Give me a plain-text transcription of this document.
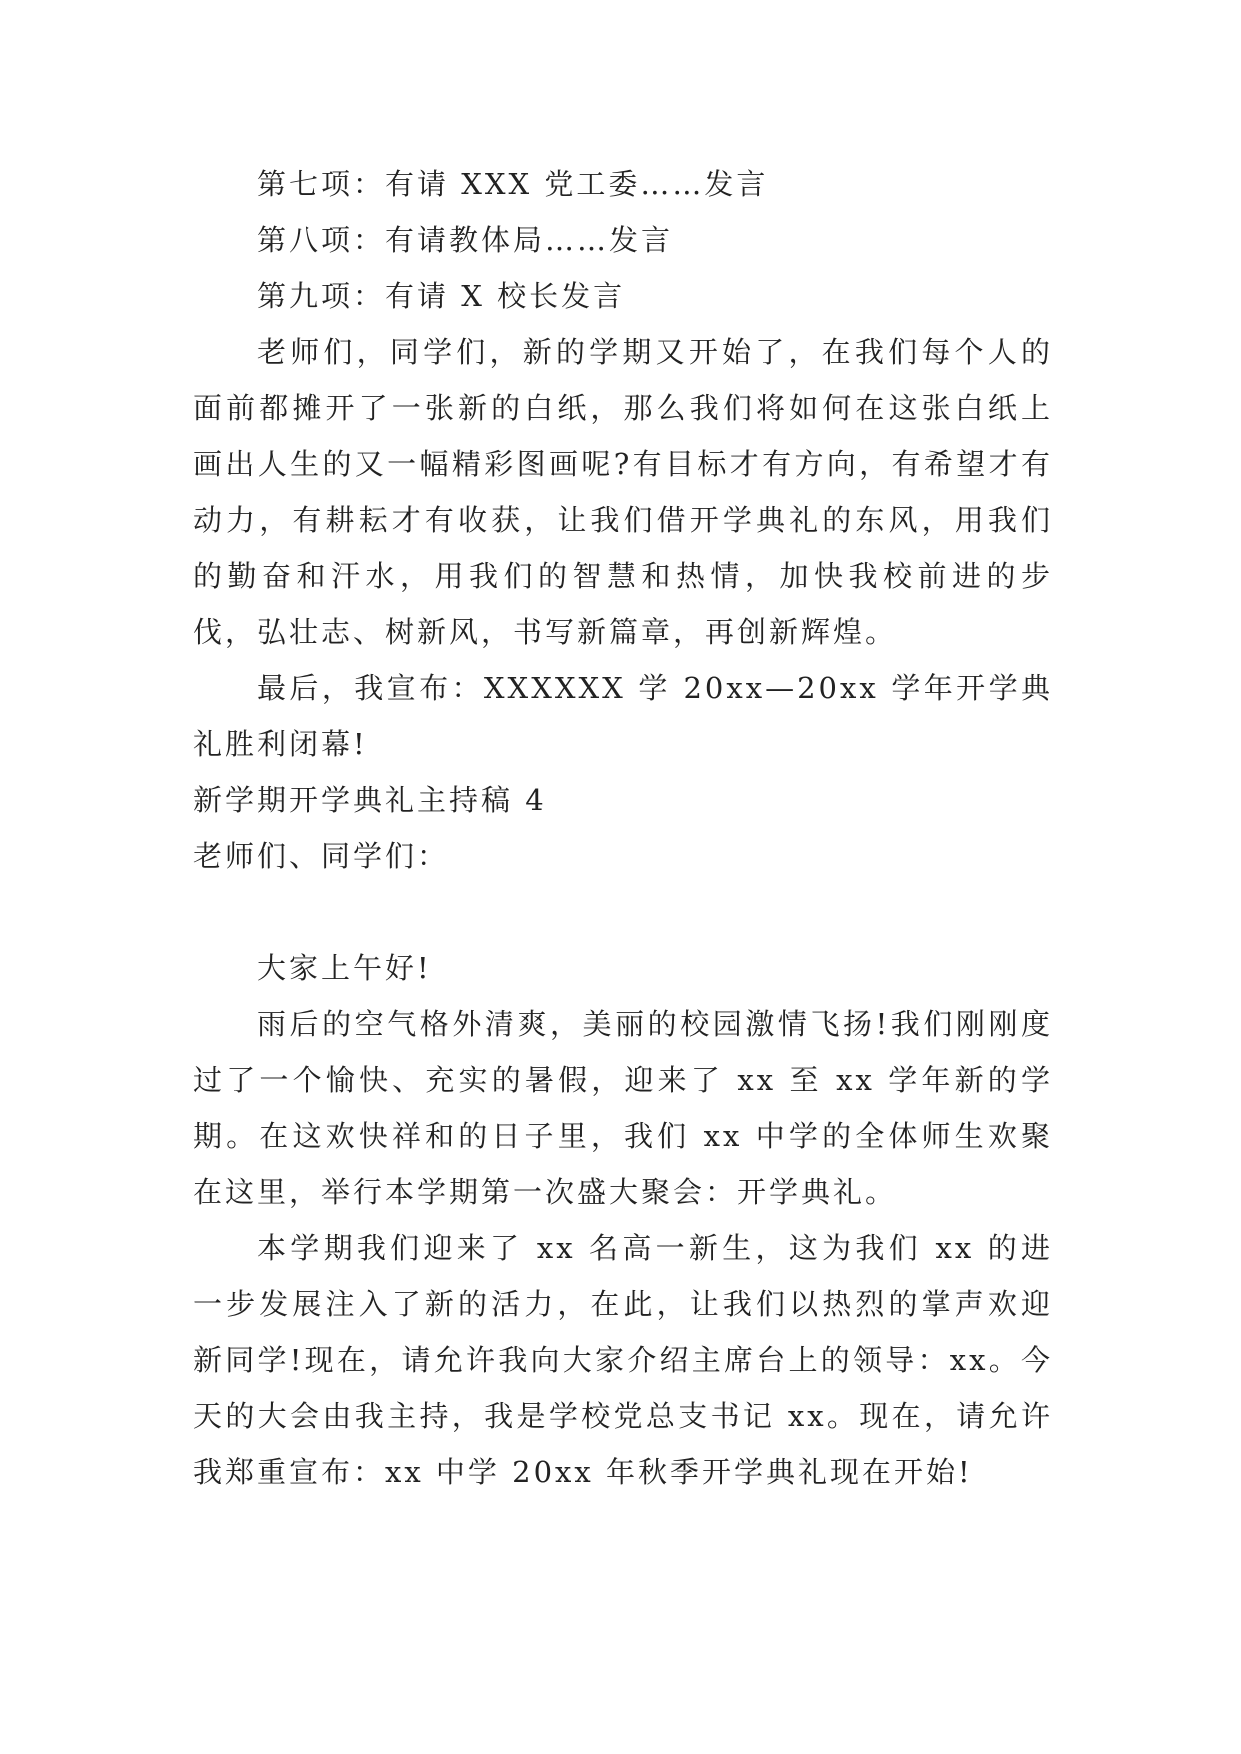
第七项：有请 XXX 党工委……发言

第八项：有请教体局……发言

第九项：有请 X 校长发言

老师们，同学们，新的学期又开始了，在我们每个人的面前都摊开了一张新的白纸，那么我们将如何在这张白纸上画出人生的又一幅精彩图画呢?有目标才有方向，有希望才有动力，有耕耘才有收获，让我们借开学典礼的东风，用我们的勤奋和汗水，用我们的智慧和热情，加快我校前进的步伐，弘壮志、树新风，书写新篇章，再创新辉煌。

最后，我宣布：XXXXXX 学 20xx—20xx 学年开学典礼胜利闭幕!

新学期开学典礼主持稿 4

老师们、同学们：

大家上午好!

雨后的空气格外清爽，美丽的校园激情飞扬!我们刚刚度过了一个愉快、充实的暑假，迎来了 xx 至 xx 学年新的学期。在这欢快祥和的日子里，我们 xx 中学的全体师生欢聚在这里，举行本学期第一次盛大聚会：开学典礼。

本学期我们迎来了 xx 名高一新生，这为我们 xx 的进一步发展注入了新的活力，在此，让我们以热烈的掌声欢迎新同学!现在，请允许我向大家介绍主席台上的领导：xx。今天的大会由我主持，我是学校党总支书记 xx。现在，请允许我郑重宣布：xx 中学 20xx 年秋季开学典礼现在开始!
